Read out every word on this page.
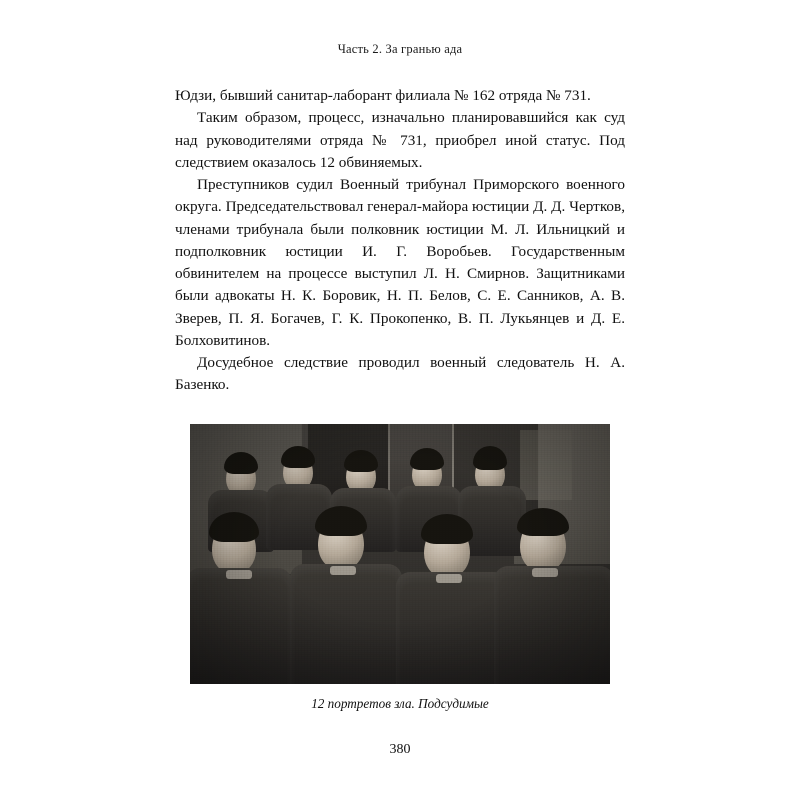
Часть 2. За гранью ада

Юдзи, бывший санитар-лаборант филиала № 162 отряда № 731.

Таким образом, процесс, изначально планировавшийся как суд над руководителями отряда № 731, приобрел иной статус. Под следствием оказалось 12 обвиняемых.

Преступников судил Военный трибунал Приморского военного округа. Председательствовал генерал-майора юстиции Д. Д. Чертков, членами трибунала были полковник юстиции М. Л. Ильницкий и подполковник юстиции И. Г. Воробьев. Государственным обвинителем на процессе выступил Л. Н. Смирнов. Защитниками были адвокаты Н. К. Боровик, Н. П. Белов, С. Е. Санников, А. В. Зверев, П. Я. Богачев, Г. К. Прокопенко, В. П. Лукьянцев и Д. Е. Болховитинов.

Досудебное следствие проводил военный следователь Н. А. Базенко.

12 портретов зла. Подсудимые
380
